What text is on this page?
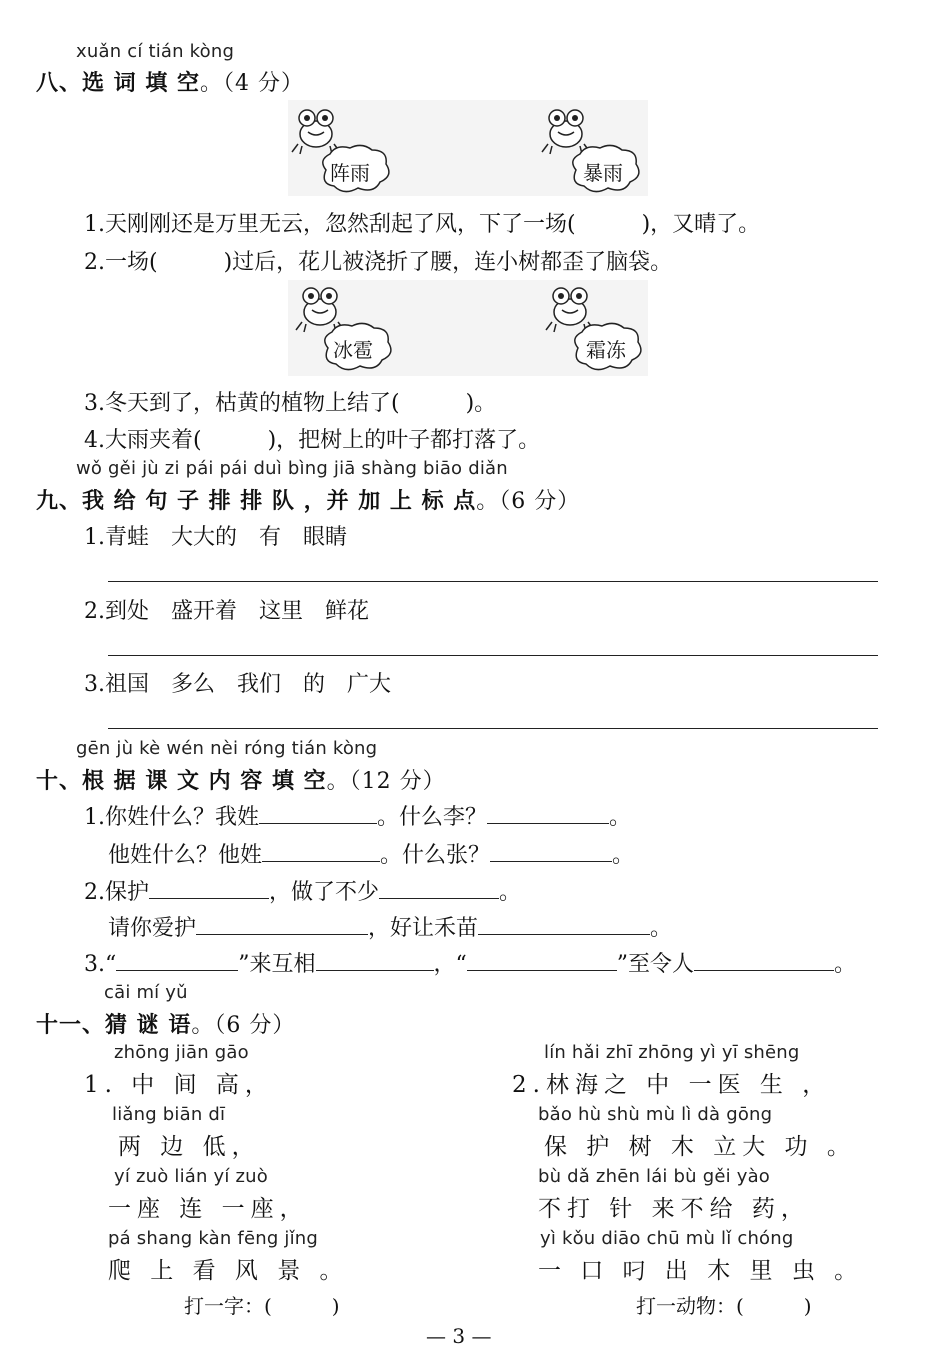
xuǎn cí tián kòng
八、选 词 填 空。（4 分）
阵雨	暴雨
1.天刚刚还是万里无云，忽然刮起了风，下了一场(　　　)，又晴了。
2.一场(　　　)过后，花儿被浇折了腰，连小树都歪了脑袋。
冰雹	霜冻
3.冬天到了，枯黄的植物上结了(　　　)。
4.大雨夹着(　　　)，把树上的叶子都打落了。
wǒ gěi jù zi pái pái duì bìng jiā shàng biāo diǎn
九、我 给 句 子 排 排 队 ，并 加 上 标 点。（6 分）
1.青蛙　大大的　有　眼睛
2.到处　盛开着　这里　鲜花
3.祖国　多么　我们　的　广大
gēn jù kè wén nèi róng tián kòng
十、根 据 课 文 内 容 填 空。（12 分）
1.你姓什么？我姓	。什么李？	。
他姓什么？他姓	。什么张？	。
2.保护	，做了不少	。
请你爱护	，好让禾苗	。
3.“	”来互相	，“	”至令人	。
cāi mí yǔ
十一、猜 谜 语。（6 分）
zhōng jiān gāo
1. 中 间 高，
liǎng biān dī
两 边 低，
yí zuò lián yí zuò
一座 连 一座，
pá shang kàn fēng jǐng
爬 上 看 风 景 。
打一字：(　　　)
lín hǎi zhī zhōng yì yī shēng
2.林海之 中 一医 生 ，
bǎo hù shù mù lì dà gōng
保 护 树 木 立大 功 。
bù dǎ zhēn lái bù gěi yào
不打 针 来不给 药，
yì kǒu diāo chū mù lǐ chóng
一 口 叼 出 木 里 虫 。
打一动物：(　　　)
— 3 —
